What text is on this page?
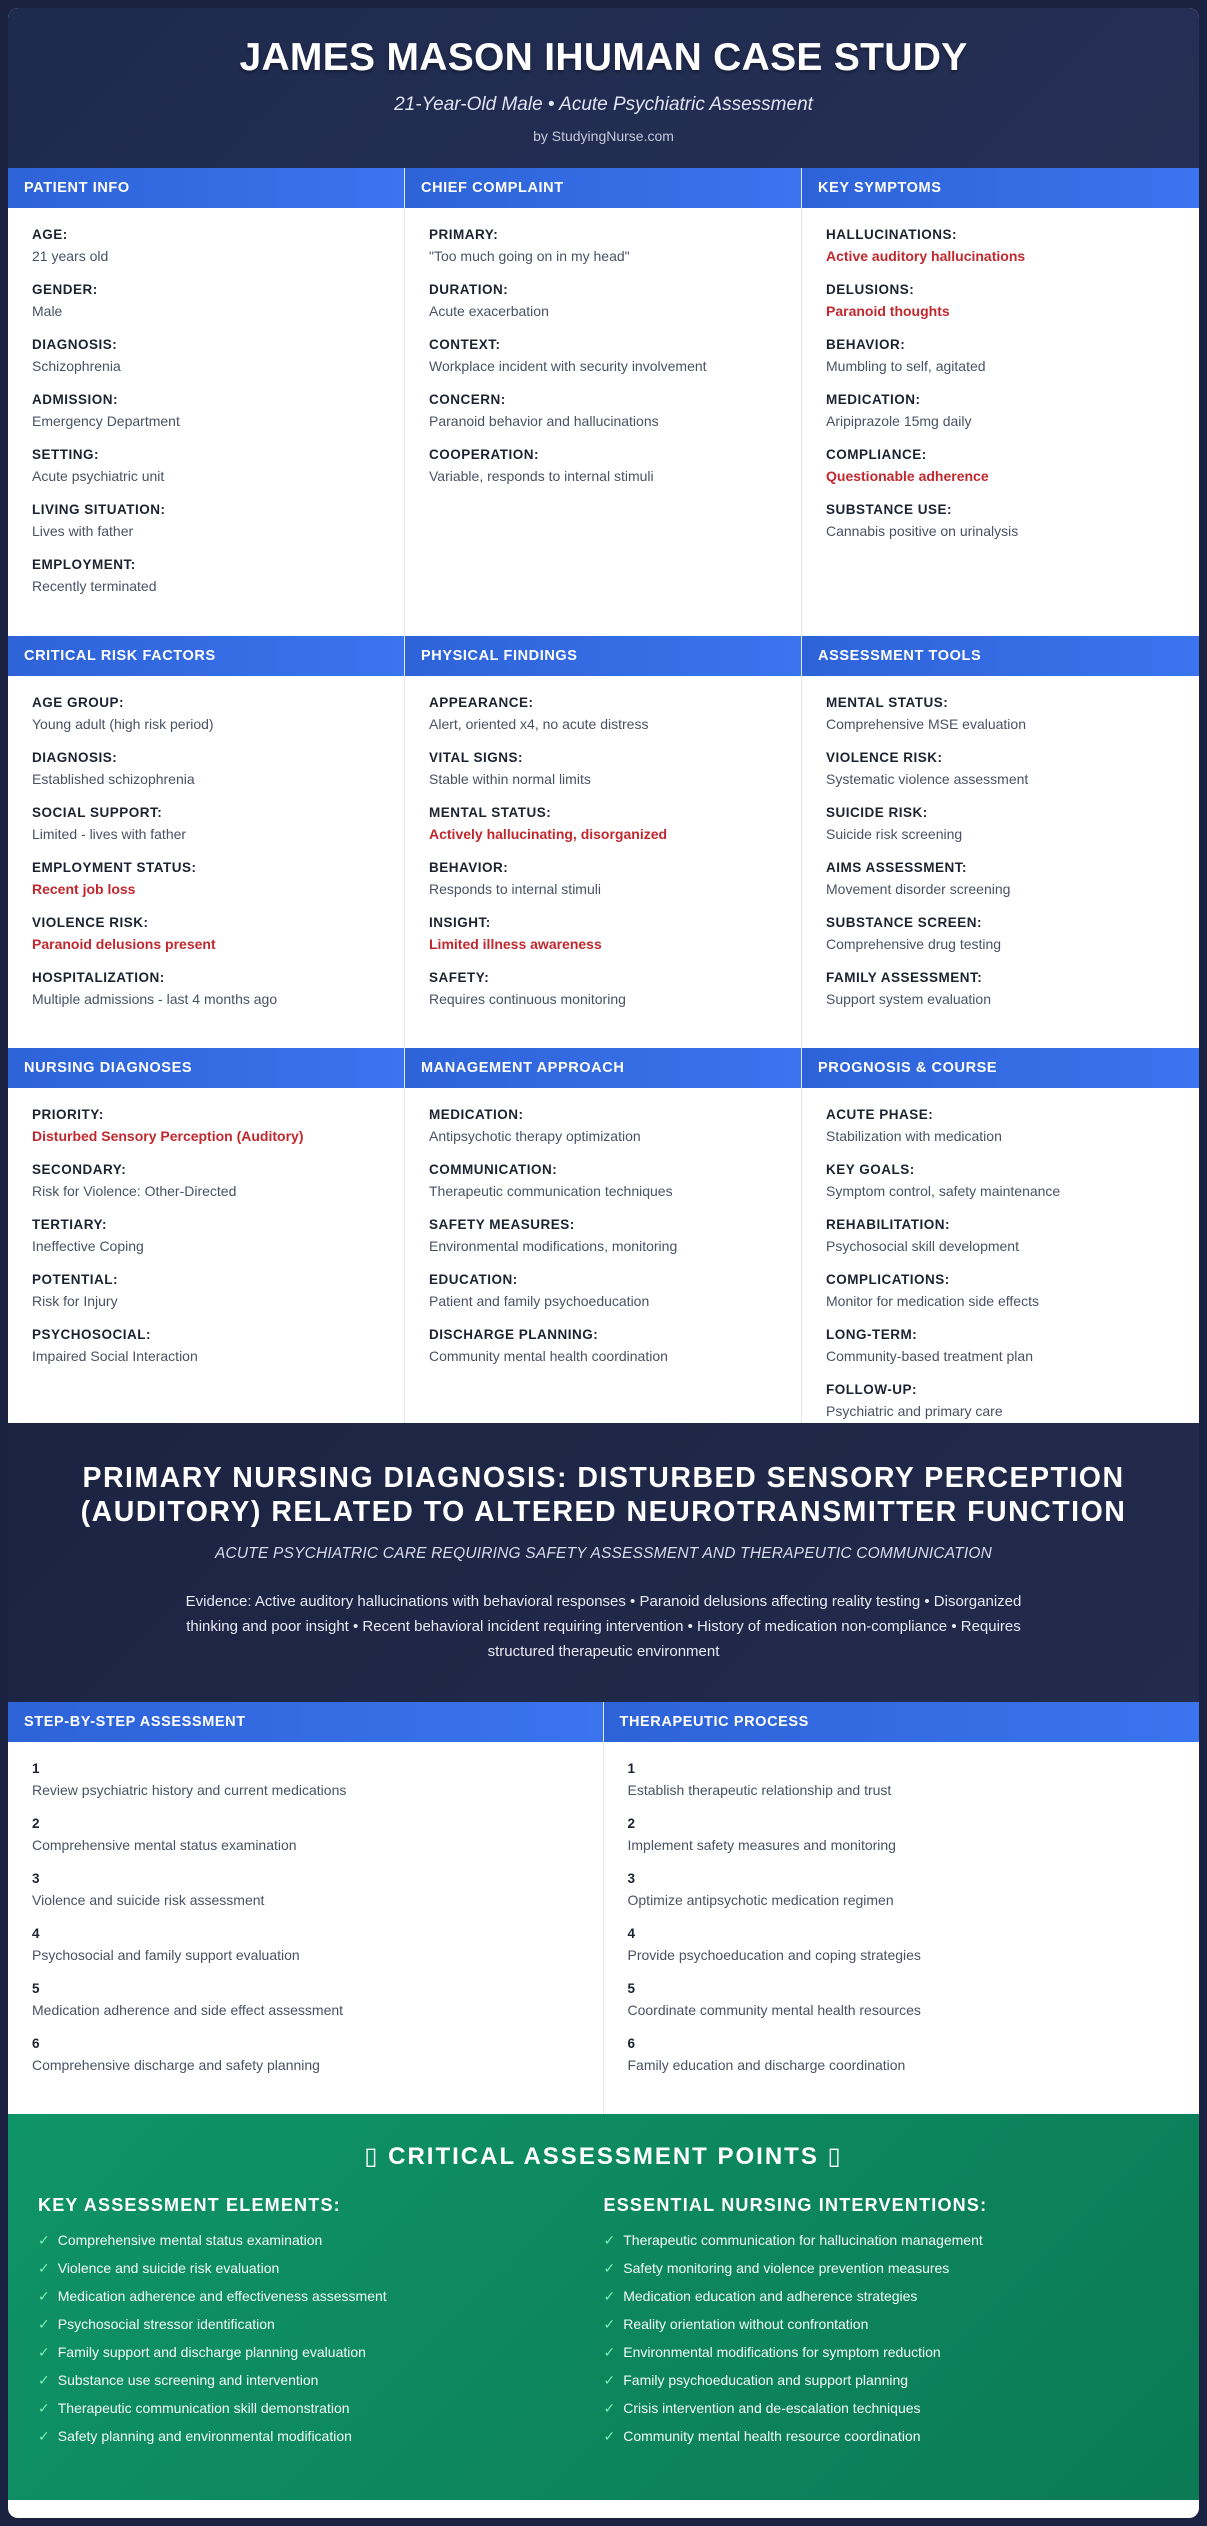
JAMES MASON IHUMAN CASE STUDY
21-Year-Old Male • Acute Psychiatric Assessment
by StudyingNurse.com
PATIENT INFO
AGE:
21 years old
GENDER:
Male
DIAGNOSIS:
Schizophrenia
ADMISSION:
Emergency Department
SETTING:
Acute psychiatric unit
LIVING SITUATION:
Lives with father
EMPLOYMENT:
Recently terminated
CHIEF COMPLAINT
PRIMARY:
"Too much going on in my head"
DURATION:
Acute exacerbation
CONTEXT:
Workplace incident with security involvement
CONCERN:
Paranoid behavior and hallucinations
COOPERATION:
Variable, responds to internal stimuli
KEY SYMPTOMS
HALLUCINATIONS:
Active auditory hallucinations
DELUSIONS:
Paranoid thoughts
BEHAVIOR:
Mumbling to self, agitated
MEDICATION:
Aripiprazole 15mg daily
COMPLIANCE:
Questionable adherence
SUBSTANCE USE:
Cannabis positive on urinalysis
CRITICAL RISK FACTORS
AGE GROUP:
Young adult (high risk period)
DIAGNOSIS:
Established schizophrenia
SOCIAL SUPPORT:
Limited - lives with father
EMPLOYMENT STATUS:
Recent job loss
VIOLENCE RISK:
Paranoid delusions present
HOSPITALIZATION:
Multiple admissions - last 4 months ago
PHYSICAL FINDINGS
APPEARANCE:
Alert, oriented x4, no acute distress
VITAL SIGNS:
Stable within normal limits
MENTAL STATUS:
Actively hallucinating, disorganized
BEHAVIOR:
Responds to internal stimuli
INSIGHT:
Limited illness awareness
SAFETY:
Requires continuous monitoring
ASSESSMENT TOOLS
MENTAL STATUS:
Comprehensive MSE evaluation
VIOLENCE RISK:
Systematic violence assessment
SUICIDE RISK:
Suicide risk screening
AIMS ASSESSMENT:
Movement disorder screening
SUBSTANCE SCREEN:
Comprehensive drug testing
FAMILY ASSESSMENT:
Support system evaluation
NURSING DIAGNOSES
PRIORITY:
Disturbed Sensory Perception (Auditory)
SECONDARY:
Risk for Violence: Other-Directed
TERTIARY:
Ineffective Coping
POTENTIAL:
Risk for Injury
PSYCHOSOCIAL:
Impaired Social Interaction
MANAGEMENT APPROACH
MEDICATION:
Antipsychotic therapy optimization
COMMUNICATION:
Therapeutic communication techniques
SAFETY MEASURES:
Environmental modifications, monitoring
EDUCATION:
Patient and family psychoeducation
DISCHARGE PLANNING:
Community mental health coordination
PROGNOSIS & COURSE
ACUTE PHASE:
Stabilization with medication
KEY GOALS:
Symptom control, safety maintenance
REHABILITATION:
Psychosocial skill development
COMPLICATIONS:
Monitor for medication side effects
LONG-TERM:
Community-based treatment plan
FOLLOW-UP:
Psychiatric and primary care
PRIMARY NURSING DIAGNOSIS: DISTURBED SENSORY PERCEPTION (AUDITORY) RELATED TO ALTERED NEUROTRANSMITTER FUNCTION
ACUTE PSYCHIATRIC CARE REQUIRING SAFETY ASSESSMENT AND THERAPEUTIC COMMUNICATION
Evidence: Active auditory hallucinations with behavioral responses • Paranoid delusions affecting reality testing • Disorganized thinking and poor insight • Recent behavioral incident requiring intervention • History of medication non-compliance • Requires structured therapeutic environment
STEP-BY-STEP ASSESSMENT
1
Review psychiatric history and current medications
2
Comprehensive mental status examination
3
Violence and suicide risk assessment
4
Psychosocial and family support evaluation
5
Medication adherence and side effect assessment
6
Comprehensive discharge and safety planning
THERAPEUTIC PROCESS
1
Establish therapeutic relationship and trust
2
Implement safety measures and monitoring
3
Optimize antipsychotic medication regimen
4
Provide psychoeducation and coping strategies
5
Coordinate community mental health resources
6
Family education and discharge coordination
▯ CRITICAL ASSESSMENT POINTS ▯
KEY ASSESSMENT ELEMENTS:
✓ Comprehensive mental status examination
✓ Violence and suicide risk evaluation
✓ Medication adherence and effectiveness assessment
✓ Psychosocial stressor identification
✓ Family support and discharge planning evaluation
✓ Substance use screening and intervention
✓ Therapeutic communication skill demonstration
✓ Safety planning and environmental modification
ESSENTIAL NURSING INTERVENTIONS:
✓ Therapeutic communication for hallucination management
✓ Safety monitoring and violence prevention measures
✓ Medication education and adherence strategies
✓ Reality orientation without confrontation
✓ Environmental modifications for symptom reduction
✓ Family psychoeducation and support planning
✓ Crisis intervention and de-escalation techniques
✓ Community mental health resource coordination
